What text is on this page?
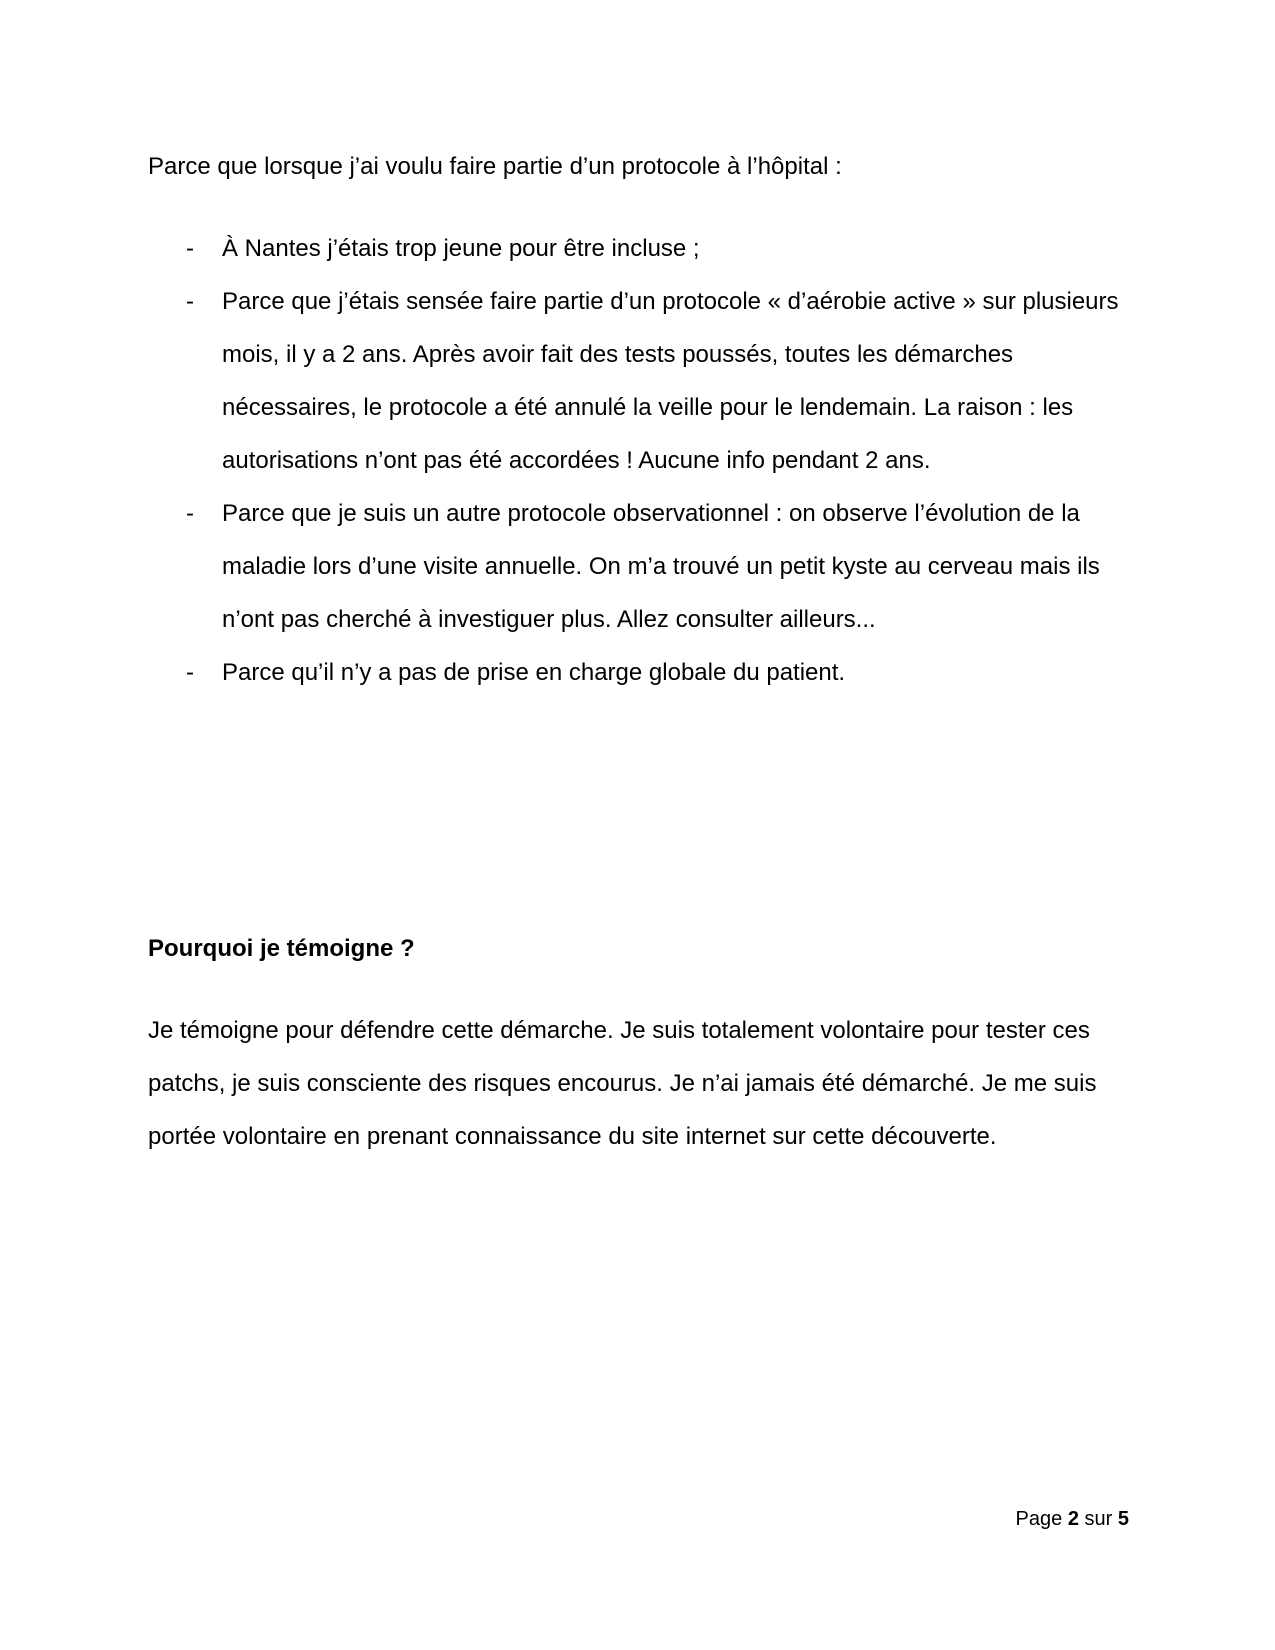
Parce que lorsque j’ai voulu faire partie d’un protocole à l’hôpital :

- À Nantes j’étais trop jeune pour être incluse ;
- Parce que j’étais sensée faire partie d’un protocole « d’aérobie active » sur plusieurs mois, il y a 2 ans. Après avoir fait des tests poussés, toutes les démarches nécessaires, le protocole a été annulé la veille pour le lendemain. La raison : les autorisations n’ont pas été accordées ! Aucune info pendant 2 ans.
- Parce que je suis un autre protocole observationnel : on observe l’évolution de la maladie lors d’une visite annuelle. On m’a trouvé un petit kyste au cerveau mais ils n’ont pas cherché à investiguer plus. Allez consulter ailleurs...
- Parce qu’il n’y a pas de prise en charge globale du patient.
Pourquoi je témoigne ?

Je témoigne pour défendre cette démarche. Je suis totalement volontaire pour tester ces patchs, je suis consciente des risques encourus. Je n’ai jamais été démarché. Je me suis portée volontaire en prenant connaissance du site internet sur cette découverte.

Page 2 sur 5
